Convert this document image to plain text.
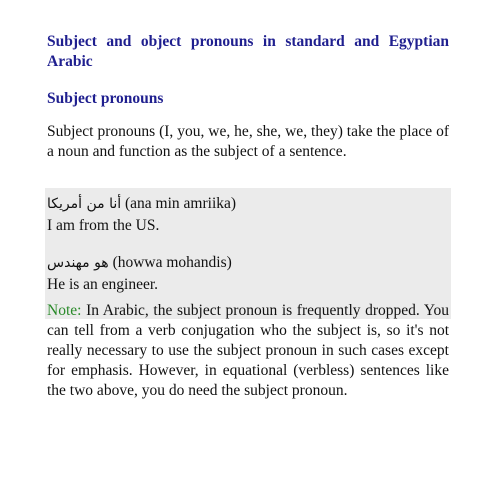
Subject and object pronouns in standard and Egyptian Arabic
Subject pronouns

Subject pronouns (I, you, we, he, she, we, they) take the place of a noun and function as the subject of a sentence.

أنا من أمريكا (ana min amriika)

I am from the US.

هو مهندس (howwa mohandis)

He is an engineer.

Note: In Arabic, the subject pronoun is frequently dropped. You can tell from a verb conjugation who the subject is, so it's not really necessary to use the subject pronoun in such cases except for emphasis. However, in equational (verbless) sentences like the two above, you do need the subject pronoun.
